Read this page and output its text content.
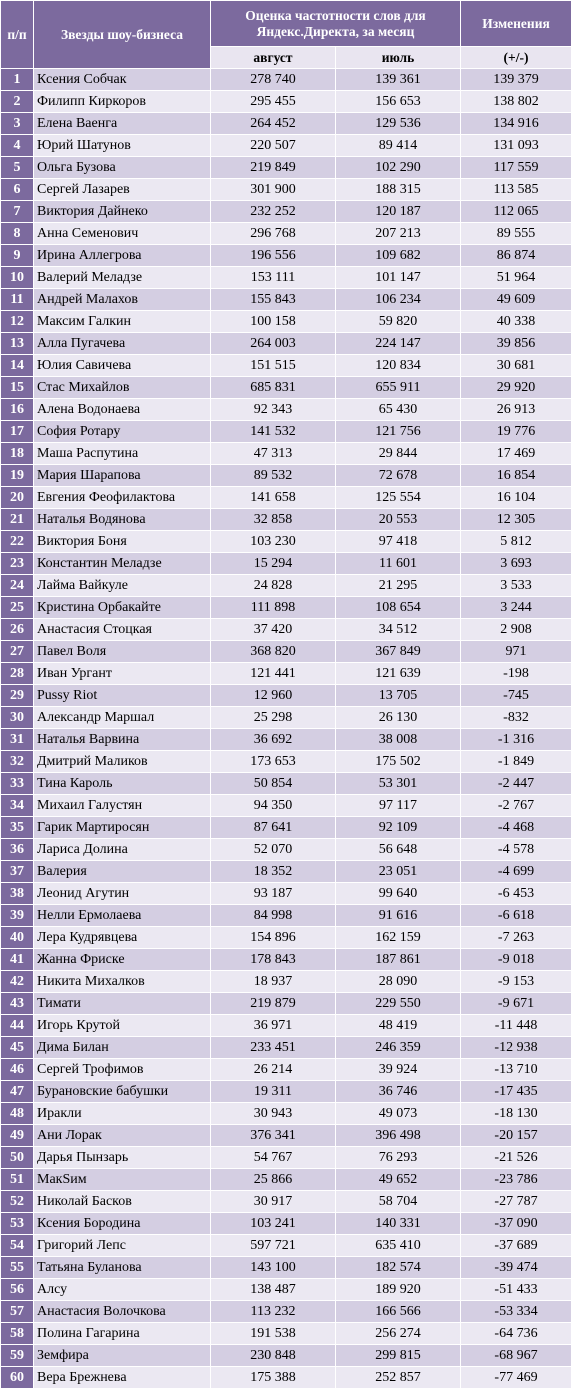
п/п	Звезды шоу-бизнеса	Оценка частотности слов для Яндекс.Директа, за месяц		Изменения
		август	июль	(+/-)
1	Ксения Собчак	278 740	139 361	139 379
2	Филипп Киркоров	295 455	156 653	138 802
3	Елена Ваенга	264 452	129 536	134 916
4	Юрий Шатунов	220 507	89 414	131 093
5	Ольга Бузова	219 849	102 290	117 559
6	Сергей Лазарев	301 900	188 315	113 585
7	Виктория Дайнеко	232 252	120 187	112 065
8	Анна Семенович	296 768	207 213	89 555
9	Ирина Аллегрова	196 556	109 682	86 874
10	Валерий Меладзе	153 111	101 147	51 964
11	Андрей Малахов	155 843	106 234	49 609
12	Максим Галкин	100 158	59 820	40 338
13	Алла Пугачева	264 003	224 147	39 856
14	Юлия Савичева	151 515	120 834	30 681
15	Стас Михайлов	685 831	655 911	29 920
16	Алена Водонаева	92 343	65 430	26 913
17	София Ротару	141 532	121 756	19 776
18	Маша Распутина	47 313	29 844	17 469
19	Мария Шарапова	89 532	72 678	16 854
20	Евгения Феофилактова	141 658	125 554	16 104
21	Наталья Водянова	32 858	20 553	12 305
22	Виктория Боня	103 230	97 418	5 812
23	Константин Меладзе	15 294	11 601	3 693
24	Лайма Вайкуле	24 828	21 295	3 533
25	Кристина Орбакайте	111 898	108 654	3 244
26	Анастасия Стоцкая	37 420	34 512	2 908
27	Павел Воля	368 820	367 849	971
28	Иван Ургант	121 441	121 639	-198
29	Pussy Riot	12 960	13 705	-745
30	Александр Маршал	25 298	26 130	-832
31	Наталья Варвина	36 692	38 008	-1 316
32	Дмитрий Маликов	173 653	175 502	-1 849
33	Тина Кароль	50 854	53 301	-2 447
34	Михаил Галустян	94 350	97 117	-2 767
35	Гарик Мартиросян	87 641	92 109	-4 468
36	Лариса Долина	52 070	56 648	-4 578
37	Валерия	18 352	23 051	-4 699
38	Леонид Агутин	93 187	99 640	-6 453
39	Нелли Ермолаева	84 998	91 616	-6 618
40	Лера Кудрявцева	154 896	162 159	-7 263
41	Жанна Фриске	178 843	187 861	-9 018
42	Никита Михалков	18 937	28 090	-9 153
43	Тимати	219 879	229 550	-9 671
44	Игорь Крутой	36 971	48 419	-11 448
45	Дима Билан	233 451	246 359	-12 938
46	Сергей Трофимов	26 214	39 924	-13 710
47	Бурановские бабушки	19 311	36 746	-17 435
48	Иракли	30 943	49 073	-18 130
49	Ани Лорак	376 341	396 498	-20 157
50	Дарья Пынзарь	54 767	76 293	-21 526
51	МакSим	25 866	49 652	-23 786
52	Николай Басков	30 917	58 704	-27 787
53	Ксения Бородина	103 241	140 331	-37 090
54	Григорий Лепс	597 721	635 410	-37 689
55	Татьяна Буланова	143 100	182 574	-39 474
56	Алсу	138 487	189 920	-51 433
57	Анастасия Волочкова	113 232	166 566	-53 334
58	Полина Гагарина	191 538	256 274	-64 736
59	Земфира	230 848	299 815	-68 967
60	Вера Брежнева	175 388	252 857	-77 469
